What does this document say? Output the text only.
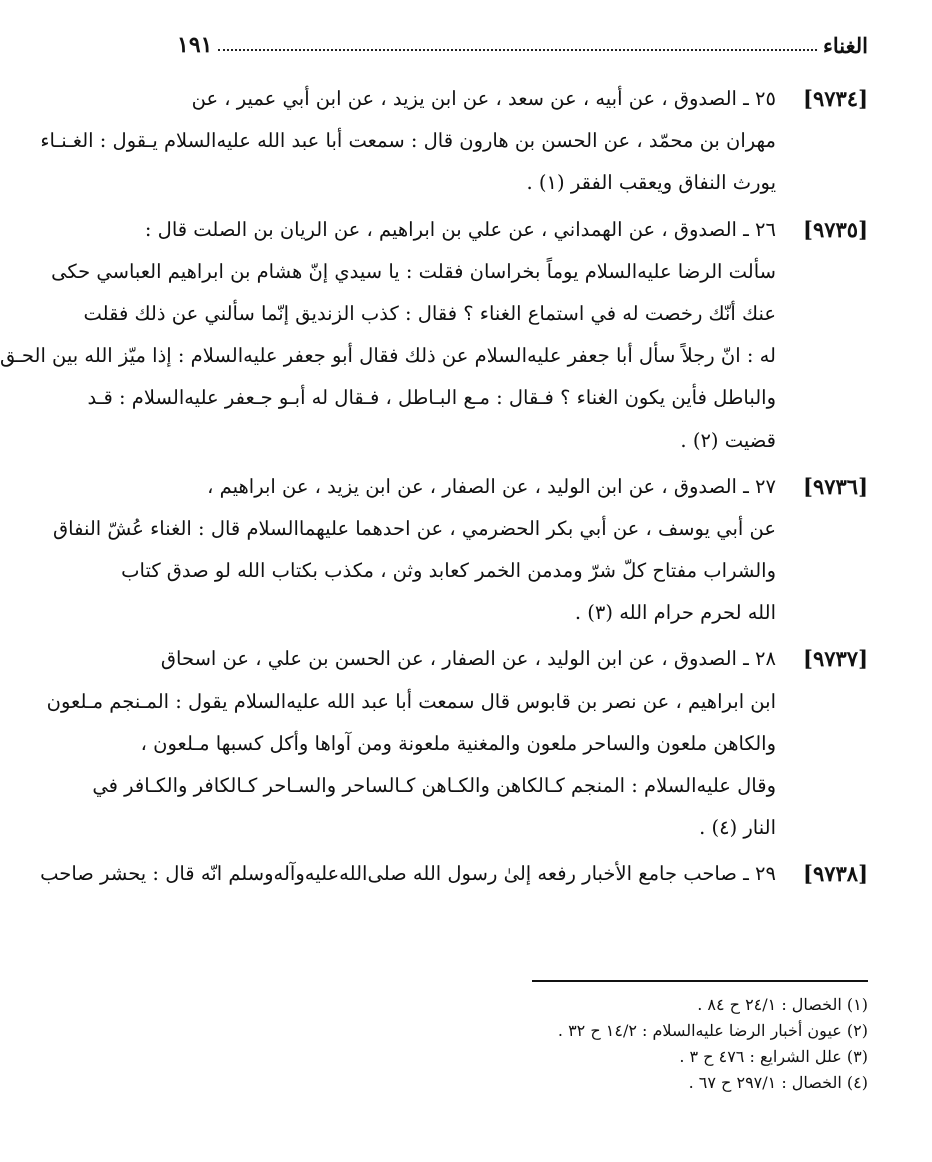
الغناء
١٩١
[٩٧٣٤]
٢٥ ـ الصدوق ، عن أبيه ، عن سعد ، عن ابن يزيد ، عن ابن أبي عمير ، عن
مهران بن محمّد ، عن الحسن بن هارون قال : سمعت أبا عبد الله عليه‌السلام يـقول : الغـنـاء
يورث النفاق ويعقب الفقر (١) .
[٩٧٣٥]
٢٦ ـ الصدوق ، عن الهمداني ، عن علي بن ابراهيم ، عن الريان بن الصلت قال :
سألت الرضا عليه‌السلام يوماً بخراسان فقلت : يا سيدي إنّ هشام بن ابراهيم العباسي حكى
عنك أنّك رخصت له في استماع الغناء ؟ فقال : كذب الزنديق إنّما سألني عن ذلك فقلت
له : انّ رجلاً سأل أبا جعفر عليه‌السلام عن ذلك فقال أبو جعفر عليه‌السلام : إذا ميّز الله بين الحـق
والباطل فأين يكون الغناء ؟ فـقال : مـع البـاطل ، فـقال له أبـو جـعفر عليه‌السلام : قـد
قضيت (٢) .
[٩٧٣٦]
٢٧ ـ الصدوق ، عن ابن الوليد ، عن الصفار ، عن ابن يزيد ، عن ابراهيم ،
عن أبي يوسف ، عن أبي بكر الحضرمي ، عن احدهما عليهما‌السلام قال : الغناء عُشّ النفاق
والشراب مفتاح كلّ شرّ ومدمن الخمر كعابد وثن ، مكذب بكتاب الله لو صدق كتاب
الله لحرم حرام الله (٣) .
[٩٧٣٧]
٢٨ ـ الصدوق ، عن ابن الوليد ، عن الصفار ، عن الحسن بن علي ، عن اسحاق
ابن ابراهيم ، عن نصر بن قابوس قال سمعت أبا عبد الله عليه‌السلام يقول : المـنجم مـلعون
والكاهن ملعون والساحر ملعون والمغنية ملعونة ومن آواها وأكل كسبها مـلعون ،
وقال عليه‌السلام : المنجم كـالكاهن والكـاهن كـالساحر والسـاحر كـالكافر والكـافر في
النار (٤) .
[٩٧٣٨]
٢٩ ـ صاحب جامع الأخبار رفعه إلىٰ رسول الله صلى‌الله‌عليه‌وآله‌وسلم انّه قال : يحشر صاحب
(١) الخصال : ٢٤/١ ح ٨٤ .
(٢) عيون أخبار الرضا عليه‌السلام : ١٤/٢ ح ٣٢ .
(٣) علل الشرايع : ٤٧٦ ح ٣ .
(٤) الخصال : ٢٩٧/١ ح ٦٧ .
